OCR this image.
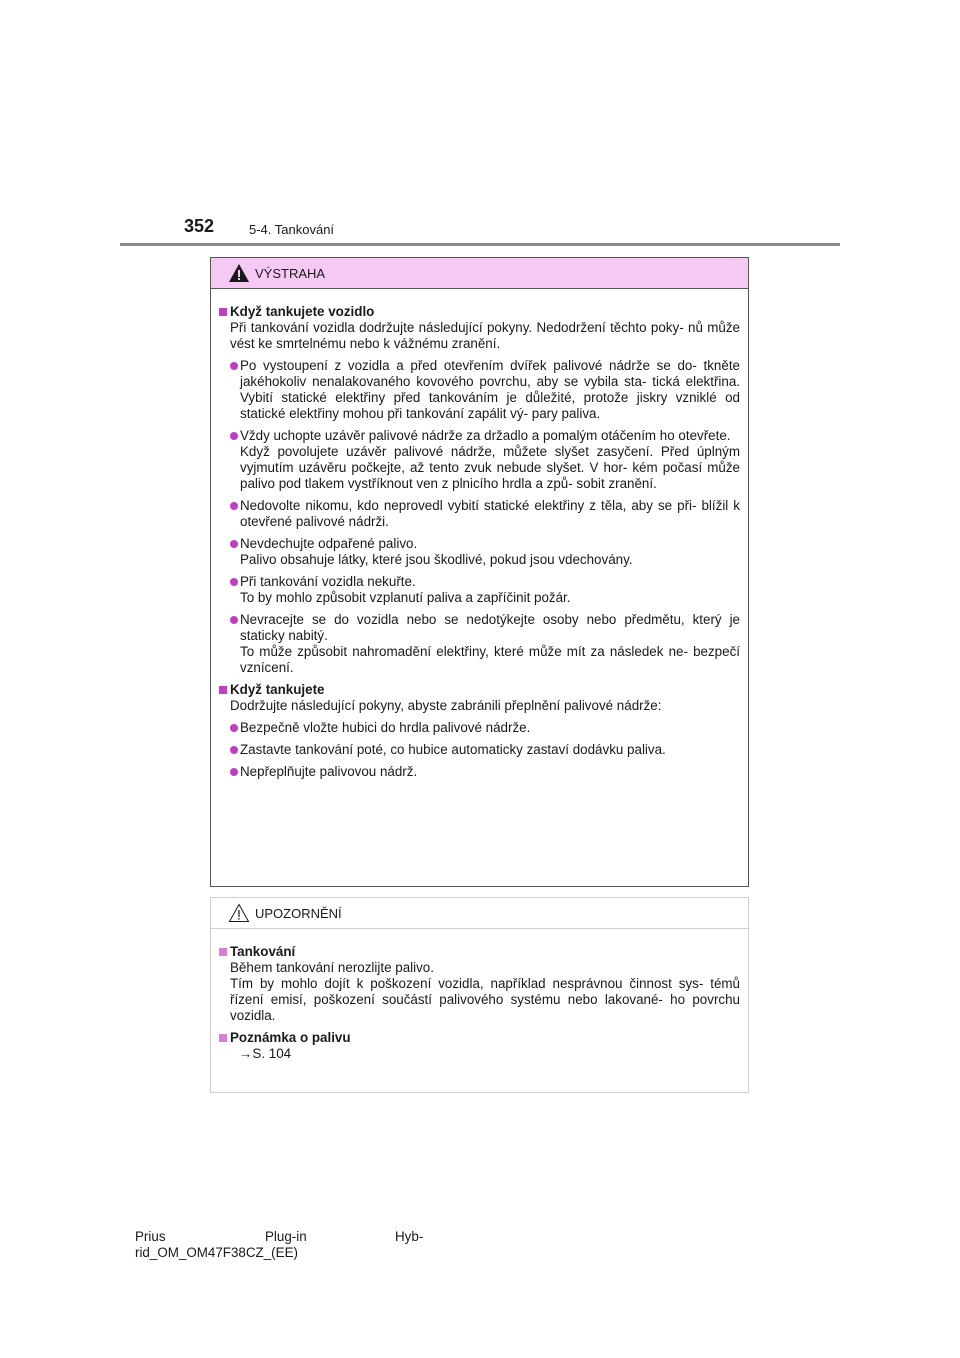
352	5-4. Tankování
VÝSTRAHA
Když tankujete vozidlo
Při tankování vozidla dodržujte následující pokyny. Nedodržení těchto poky- nů může vést ke smrtelnému nebo k vážnému zranění.
Po vystoupení z vozidla a před otevřením dvířek palivové nádrže se do- tkněte jakéhokoliv nenalakovaného kovového povrchu, aby se vybila sta- tická elektřina. Vybití statické elektřiny před tankováním je důležité, protože jiskry vzniklé od statické elektřiny mohou při tankování zapálit vý- pary paliva.
Vždy uchopte uzávěr palivové nádrže za držadlo a pomalým otáčením ho otevřete.
Když povolujete uzávěr palivové nádrže, můžete slyšet zasyčení. Před úplným vyjmutím uzávěru počkejte, až tento zvuk nebude slyšet. V hor- kém počasí může palivo pod tlakem vystříknout ven z plnicího hrdla a způ- sobit zranění.
Nedovolte nikomu, kdo neprovedl vybití statické elektřiny z těla, aby se při- blížil k otevřené palivové nádrži.
Nevdechujte odpařené palivo.
Palivo obsahuje látky, které jsou škodlivé, pokud jsou vdechovány.
Při tankování vozidla nekuřte.
To by mohlo způsobit vzplanutí paliva a zapříčinit požár.
Nevracejte se do vozidla nebo se nedotýkejte osoby nebo předmětu, který je staticky nabitý.
To může způsobit nahromadění elektřiny, které může mít za následek ne- bezpečí vznícení.
Když tankujete
Dodržujte následující pokyny, abyste zabránili přeplnění palivové nádrže:
Bezpečně vložte hubici do hrdla palivové nádrže.
Zastavte tankování poté, co hubice automaticky zastaví dodávku paliva.
Nepřeplňujte palivovou nádrž.
UPOZORNĚNÍ
Tankování
Během tankování nerozlijte palivo.
Tím by mohlo dojít k poškození vozidla, například nesprávnou činnost sys- témů řízení emisí, poškození součástí palivového systému nebo lakované- ho povrchu vozidla.
Poznámka o palivu
→S. 104
Prius	Plug-in	Hyb-
rid_OM_OM47F38CZ_(EE)
